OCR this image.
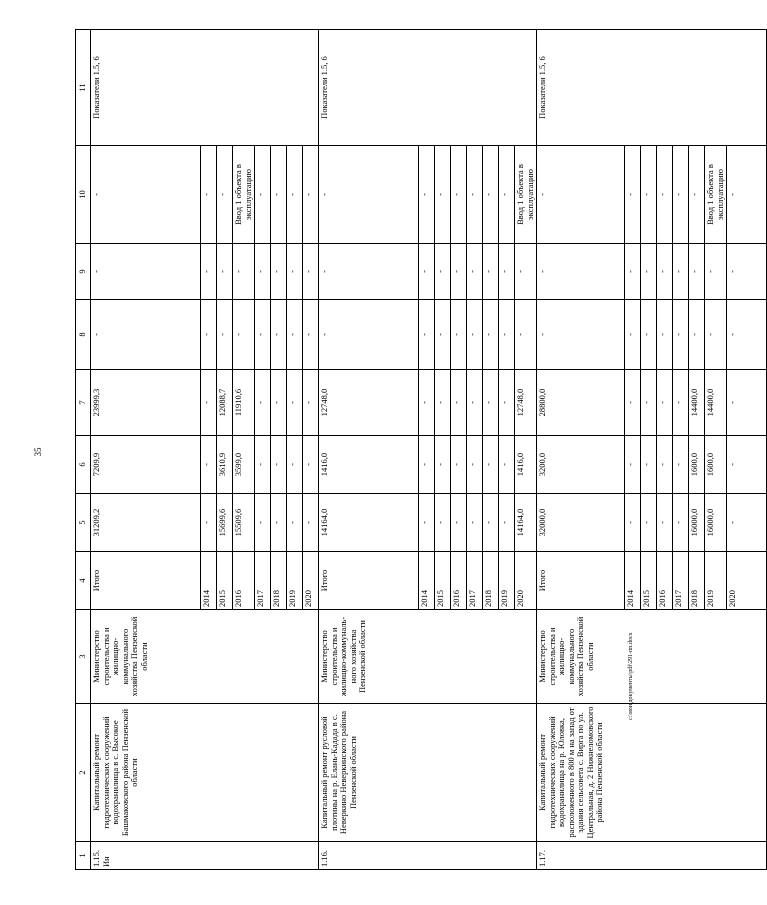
35
c:\мои документы\pdf\291-пп.docx
1	2	3	4	5	6	7	8	9	10	11
1.15. Ин	Капитальный ремонт гидротехнических сооружений водохранилища в с. Высокое Башмаковского района Пензенской области	Министерство строительства и жилищно-коммунального хозяйства Пензенской области	Итого	31209,2	7209,9	23999,3	-	-	-	Показатели 1.5, 6
			2014	-	-	-	-	-	-	
			2015	15699,6	3610,9	12088,7	-	-	-	
			2016	15509,6	3599,0	11910,6	-	-	Ввод 1 объекта в эксплуатацию	
			2017	-	-	-	-	-	-	
			2018	-	-	-	-	-	-	
			2019	-	-	-	-	-	-	
			2020	-	-	-	-	-	-	
1.16.	Капитальный ремонт русловой плотины на р. Елань-Кадада в с. Неверкино Неверкинского района Пензенской области	Министерство строительства и жилищно-коммуналь-ного хозяйства Пензенской области	Итого	14164,0	1416,0	12748,0	-	-	-	Показатели 1.5, 6
			2014	-	-	-	-	-	-	
			2015	-	-	-	-	-	-	
			2016	-	-	-	-	-	-	
			2017	-	-	-	-	-	-	
			2018	-	-	-	-	-	-	
			2019	-	-	-	-	-	-	
			2020	14164,0	1416,0	12748,0	-	-	Ввод 1 объекта в эксплуатацию	
1.17.	Капитальный ремонт гидротехнических сооружений водохранилища на р. Юловка, расположенного в 800 м на запад от здания сельсовета с. Вирга по ул. Центральная, д. 2 Нижнеломовского района Пензенской области	Министерство строительства и жилищно-коммунального хозяйства Пензенской области	Итого	32000,0	3200,0	28800,0	-	-	-	Показатели 1.5, 6
			2014	-	-	-	-	-	-	
			2015	-	-	-	-	-	-	
			2016	-	-	-	-	-	-	
			2017	-	-	-	-	-	-	
			2018	16000,0	1600,0	14400,0	-	-	-	
			2019	16000,0	1600,0	14400,0	-	-	Ввод 1 объекта в эксплуатацию	
			2020	-	-	-	-	-	-	
